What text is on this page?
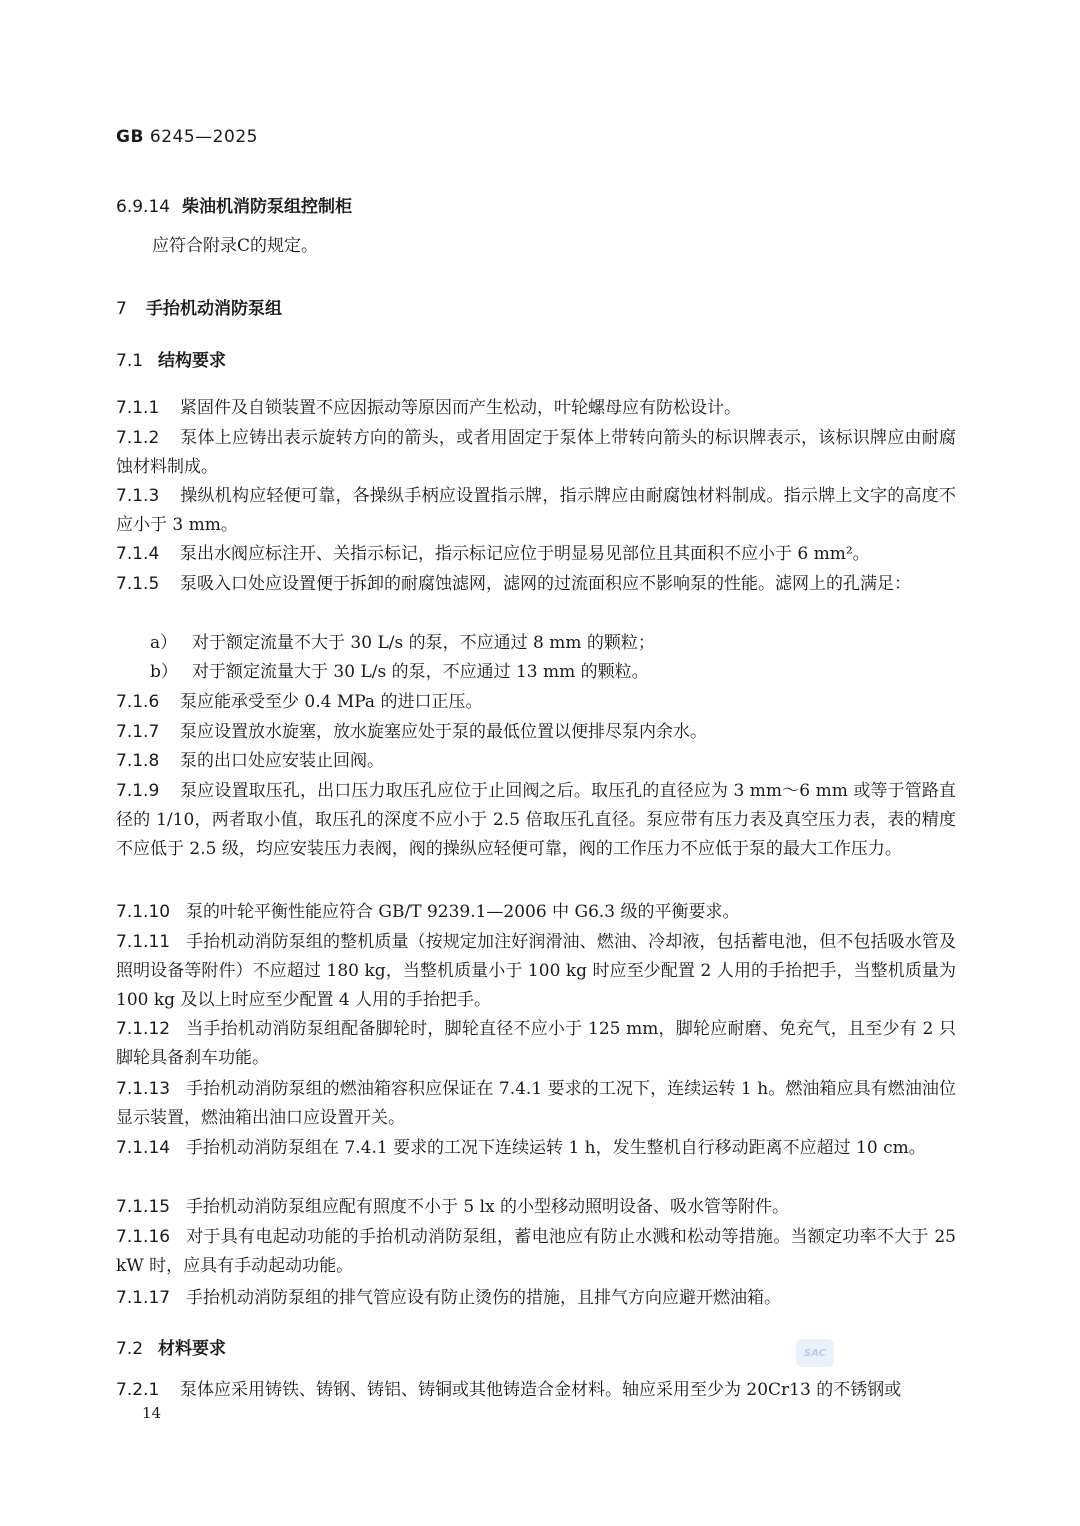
GB 6245—2025
6.9.14 柴油机消防泵组控制柜
应符合附录C的规定。
7 手抬机动消防泵组
7.1 结构要求
7.1.1 紧固件及自锁装置不应因振动等原因而产生松动，叶轮螺母应有防松设计。
7.1.2 泵体上应铸出表示旋转方向的箭头，或者用固定于泵体上带转向箭头的标识牌表示，该标识牌应由耐腐蚀材料制成。
7.1.3 操纵机构应轻便可靠，各操纵手柄应设置指示牌，指示牌应由耐腐蚀材料制成。指示牌上文字的高度不应小于 3 mm。
7.1.4 泵出水阀应标注开、关指示标记，指示标记应位于明显易见部位且其面积不应小于 6 mm²。
7.1.5 泵吸入口处应设置便于拆卸的耐腐蚀滤网，滤网的过流面积应不影响泵的性能。滤网上的孔满足：
a） 对于额定流量不大于 30 L/s 的泵，不应通过 8 mm 的颗粒；
b） 对于额定流量大于 30 L/s 的泵，不应通过 13 mm 的颗粒。
7.1.6 泵应能承受至少 0.4 MPa 的进口正压。
7.1.7 泵应设置放水旋塞，放水旋塞应处于泵的最低位置以便排尽泵内余水。
7.1.8 泵的出口处应安装止回阀。
7.1.9 泵应设置取压孔，出口压力取压孔应位于止回阀之后。取压孔的直径应为 3 mm～6 mm 或等于管路直径的 1/10，两者取小值，取压孔的深度不应小于 2.5 倍取压孔直径。泵应带有压力表及真空压力表，表的精度不应低于 2.5 级，均应安装压力表阀，阀的操纵应轻便可靠，阀的工作压力不应低于泵的最大工作压力。
7.1.10 泵的叶轮平衡性能应符合 GB/T 9239.1—2006 中 G6.3 级的平衡要求。
7.1.11 手抬机动消防泵组的整机质量（按规定加注好润滑油、燃油、冷却液，包括蓄电池，但不包括吸水管及照明设备等附件）不应超过 180 kg，当整机质量小于 100 kg 时应至少配置 2 人用的手抬把手，当整机质量为 100 kg 及以上时应至少配置 4 人用的手抬把手。
7.1.12 当手抬机动消防泵组配备脚轮时，脚轮直径不应小于 125 mm，脚轮应耐磨、免充气，且至少有 2 只脚轮具备刹车功能。
7.1.13 手抬机动消防泵组的燃油箱容积应保证在 7.4.1 要求的工况下，连续运转 1 h。燃油箱应具有燃油油位显示装置，燃油箱出油口应设置开关。
7.1.14 手抬机动消防泵组在 7.4.1 要求的工况下连续运转 1 h，发生整机自行移动距离不应超过 10 cm。
7.1.15 手抬机动消防泵组应配有照度不小于 5 lx 的小型移动照明设备、吸水管等附件。
7.1.16 对于具有电起动功能的手抬机动消防泵组，蓄电池应有防止水溅和松动等措施。当额定功率不大于 25 kW 时，应具有手动起动功能。
7.1.17 手抬机动消防泵组的排气管应设有防止烫伤的措施，且排气方向应避开燃油箱。
7.2 材料要求	SAC
7.2.1 泵体应采用铸铁、铸钢、铸铝、铸铜或其他铸造合金材料。轴应采用至少为 20Cr13 的不锈钢或
14
